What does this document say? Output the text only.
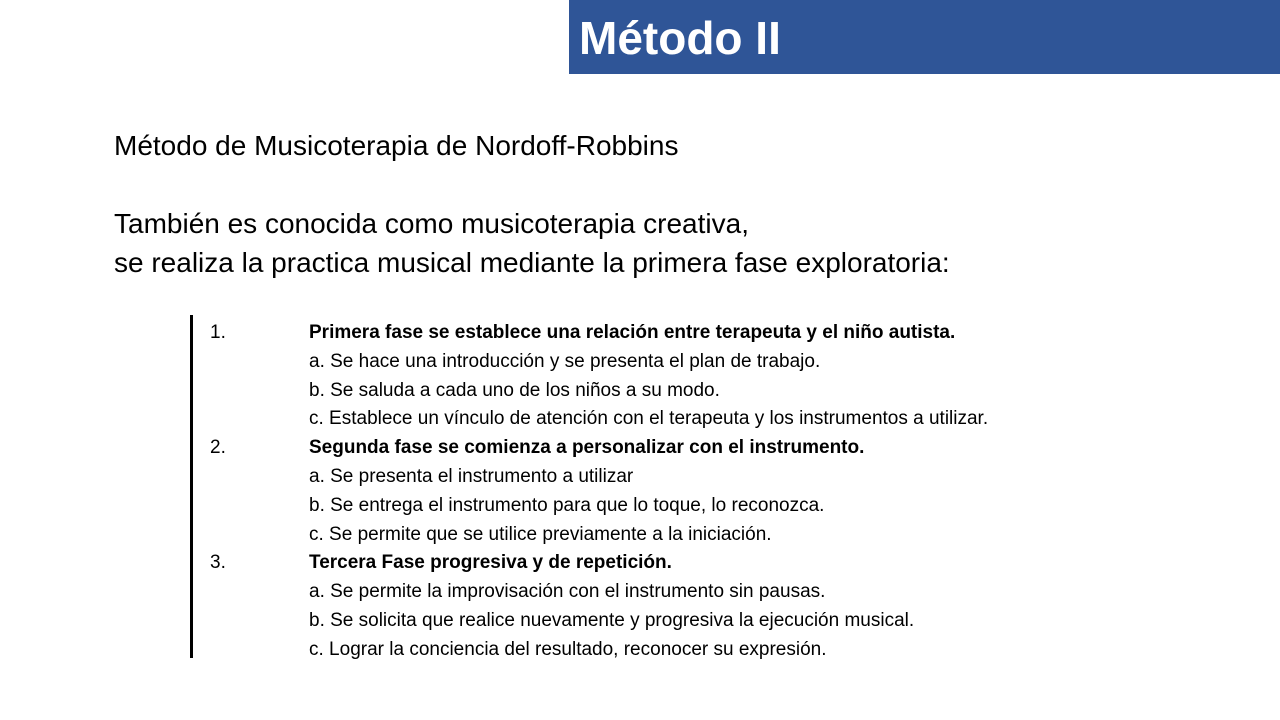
Método II
Método de Musicoterapia de Nordoff-Robbins
También es conocida como musicoterapia creativa,
se realiza la practica musical mediante la primera fase exploratoria:
1.	Primera fase se establece una relación entre terapeuta y el niño autista.
a. Se hace una introducción y se presenta el plan de trabajo.
b. Se saluda a cada uno de los niños a su modo.
c. Establece un vínculo de atención con el terapeuta y los instrumentos a utilizar.
2.	Segunda fase se comienza a personalizar con el instrumento.
a. Se presenta el instrumento a utilizar
b. Se entrega el instrumento para que lo toque, lo reconozca.
c. Se permite que se utilice previamente a la iniciación.
3.	Tercera Fase progresiva y de repetición.
a. Se permite la improvisación con el instrumento sin pausas.
b. Se solicita que realice nuevamente y progresiva la ejecución musical.
c. Lograr la conciencia del resultado, reconocer su expresión.
